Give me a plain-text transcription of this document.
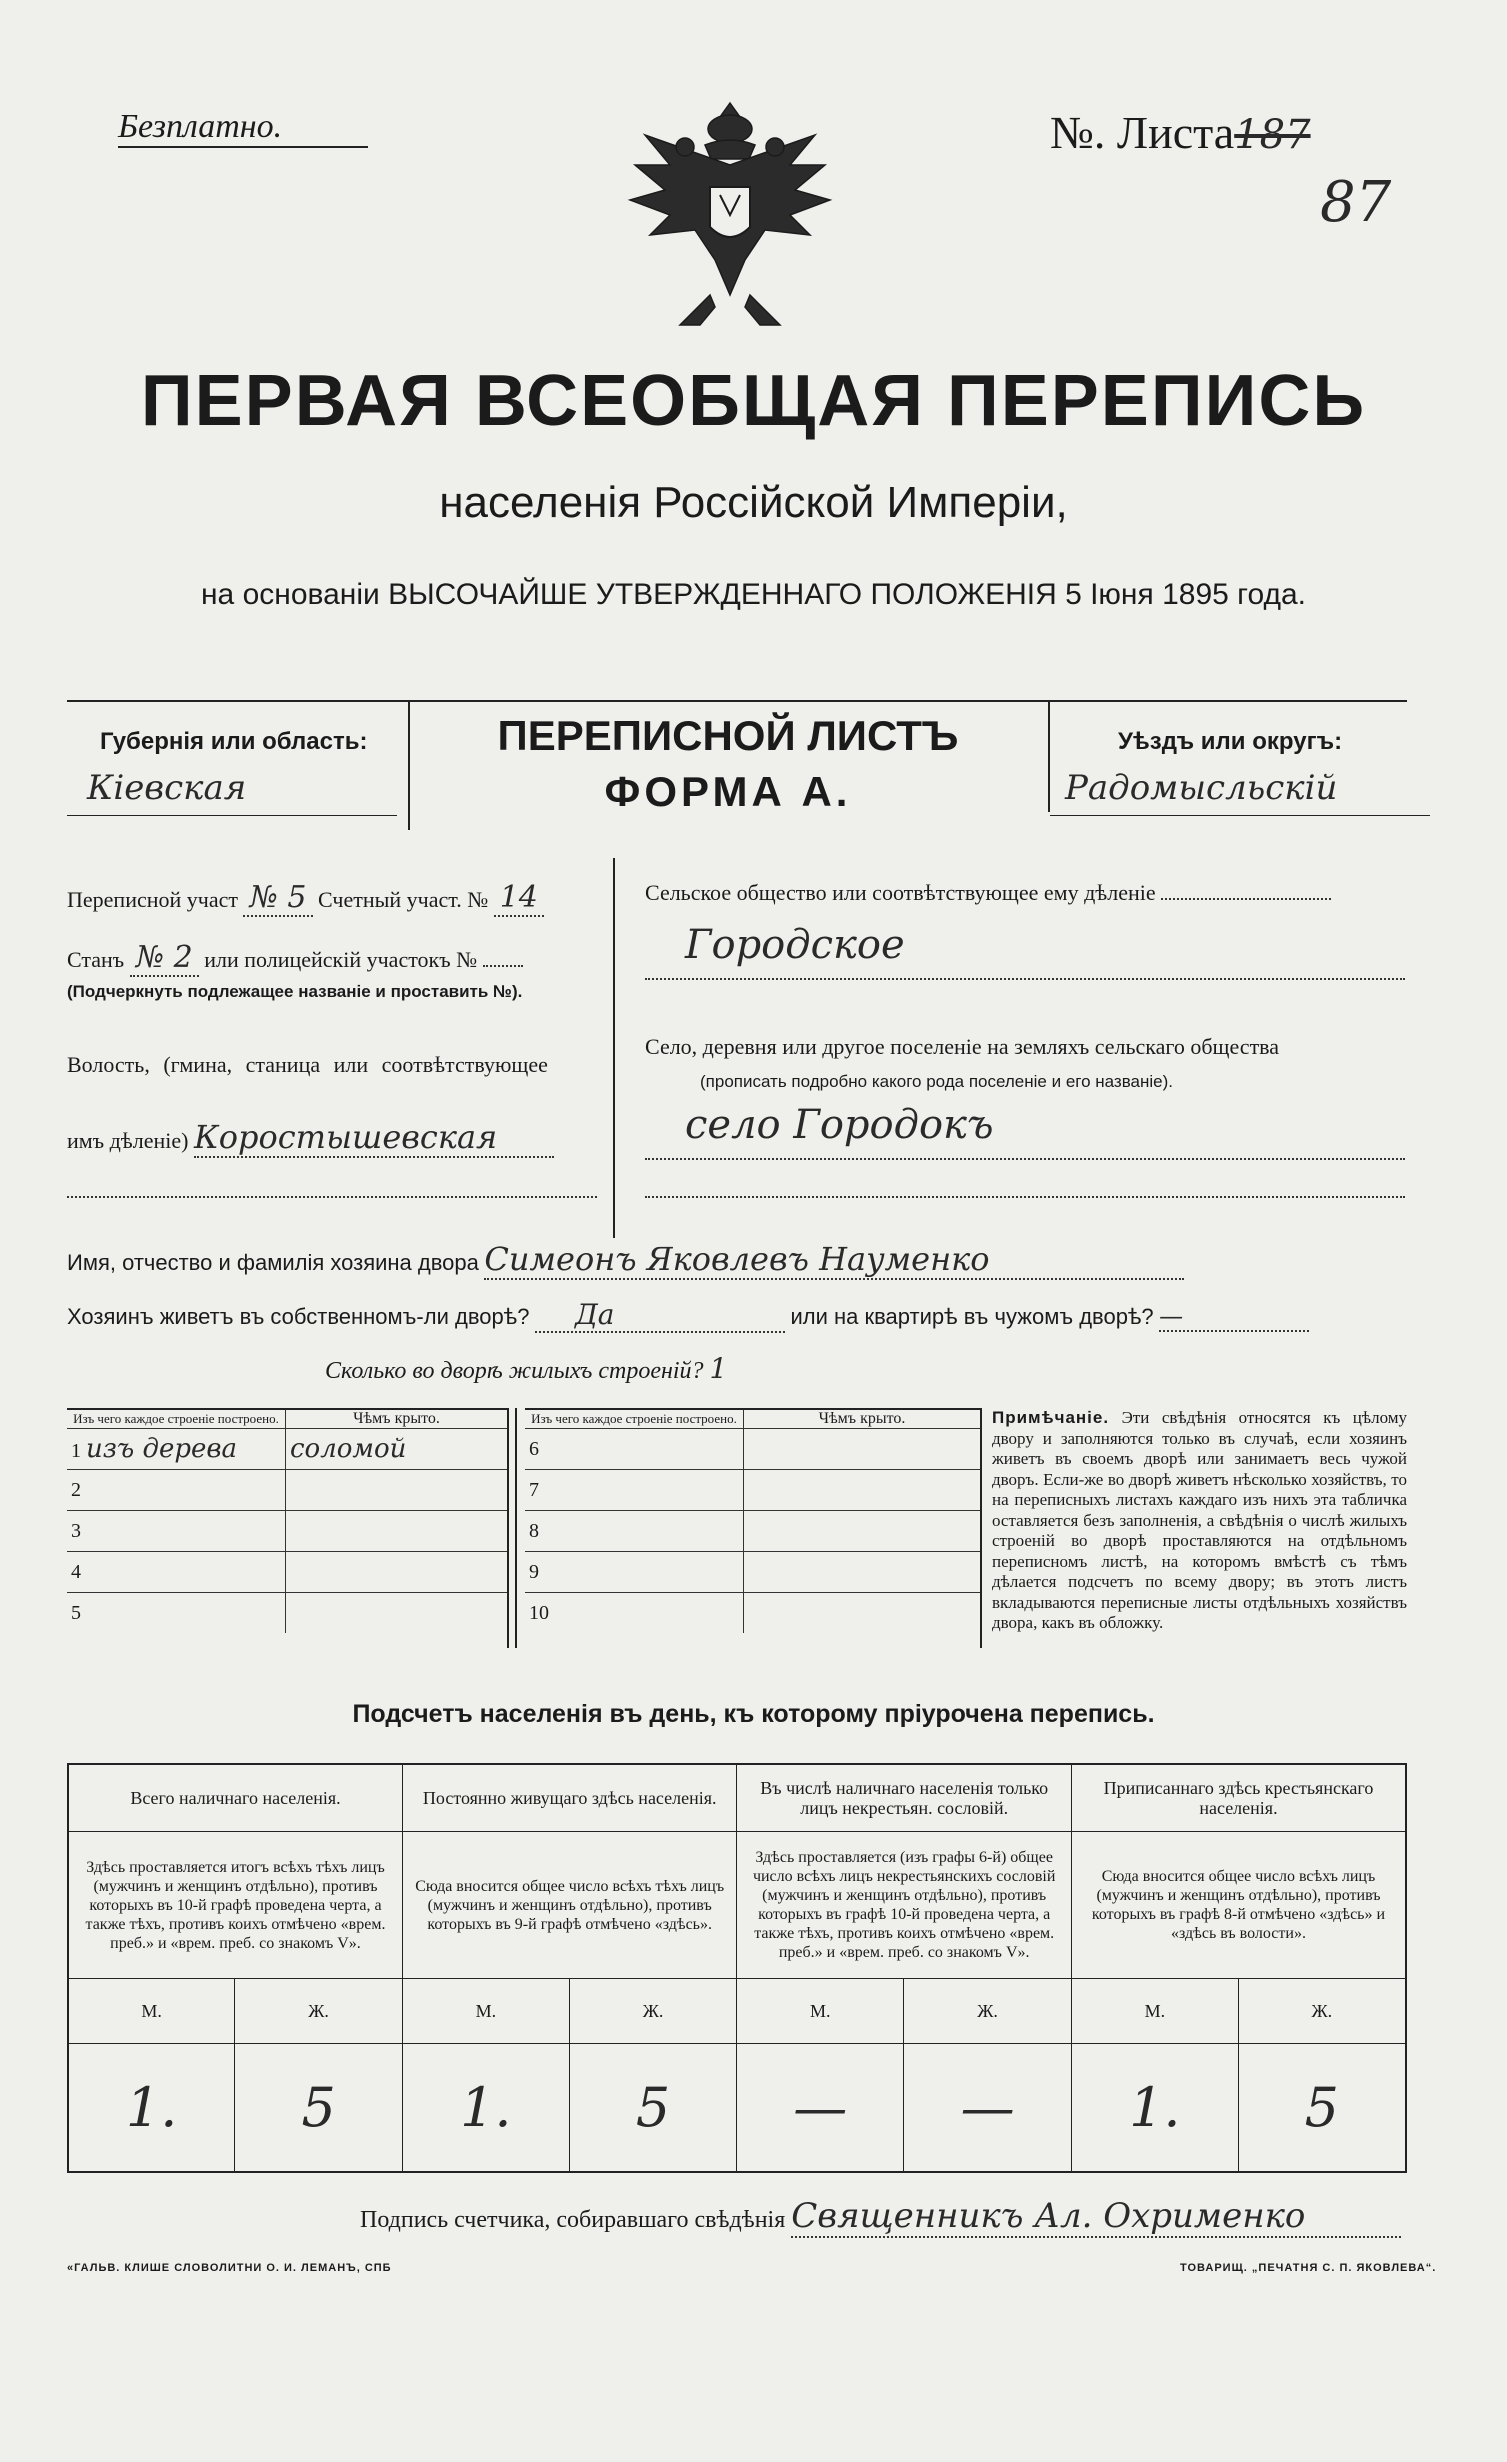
Безплатно.	№. Листа187
87
ПЕРВАЯ ВСЕОБЩАЯ ПЕРЕПИСЬ
населенія Россійской Имперіи,
на основаніи ВЫСОЧАЙШЕ УТВЕРЖДЕННАГО ПОЛОЖЕНІЯ 5 Іюня 1895 года.
Губернія или область:
Кіевская
ПЕРЕПИСНОЙ ЛИСТЪ
ФОРМА А.
Уѣздъ или округъ:
Радомысльскій
Переписной участ № 5 Счетный участ. № 14
Станъ № 2 или полицейскій участокъ №
(Подчеркнуть подлежащее названіе и проставить №).
Волость, (гмина, станица или соотвѣтствующее
имъ дѣленіе) Коростышевская
Сельское общество или соотвѣтствующее ему дѣленіе
Городское
Село, деревня или другое поселеніе на земляхъ сельскаго общества
(прописать подробно какого рода поселеніе и его названіе).
село Городокъ
Имя, отчество и фамилія хозяина двора Симеонъ Яковлевъ Науменко
Хозяинъ живетъ въ собственномъ-ли дворѣ? Да	или на квартирѣ въ чужомъ дворѣ? —
Сколько во дворѣ жилыхъ строеній? 1
Изъ чего каждое строеніе построено.	Чѣмъ крыто.
1 изъ дерева	соломой
2	
3	
4	
5	
Изъ чего каждое строеніе построено.	Чѣмъ крыто.
6	
7	
8	
9	
10	
Примѣчаніе. Эти свѣдѣнія относятся къ цѣлому двору и заполняются только въ случаѣ, если хозяинъ живетъ въ своемъ дворѣ или занимаетъ весь чужой дворъ. Если-же во дворѣ живетъ нѣсколько хозяйствъ, то на переписныхъ листахъ каждаго изъ нихъ эта табличка оставляется безъ заполненія, а свѣдѣнія о числѣ жилыхъ строеній во дворѣ проставляются на отдѣльномъ переписномъ листѣ, на которомъ вмѣстѣ съ тѣмъ дѣлается подсчетъ по всему двору; въ этотъ листъ вкладываются переписные листы отдѣльныхъ хозяйствъ двора, какъ въ обложку.
Подсчетъ населенія въ день, къ которому пріурочена перепись.
Всего наличнаго населенія.		Постоянно живущаго здѣсь населенія.		Въ числѣ наличнаго населенія только лицъ некрестьян. сословій.		Приписаннаго здѣсь крестьянскаго населенія.	
Здѣсь проставляется итогъ всѣхъ тѣхъ лицъ (мужчинъ и женщинъ отдѣльно), противъ которыхъ въ 10-й графѣ проведена черта, а также тѣхъ, противъ коихъ отмѣчено «врем. преб.» и «врем. преб. со знакомъ V».		Сюда вносится общее число всѣхъ тѣхъ лицъ (мужчинъ и женщинъ отдѣльно), противъ которыхъ въ 9-й графѣ отмѣчено «здѣсь».		Здѣсь проставляется (изъ графы 6-й) общее число всѣхъ лицъ некрестьянскихъ сословій (мужчинъ и женщинъ отдѣльно), противъ которыхъ въ графѣ 10-й проведена черта, а также тѣхъ, противъ коихъ отмѣчено «врем. преб.» и «врем. преб. со знакомъ V».		Сюда вносится общее число всѣхъ лицъ (мужчинъ и женщинъ отдѣльно), противъ которыхъ въ графѣ 8-й отмѣчено «здѣсь» и «здѣсь въ волости».	
М.	Ж.	М.	Ж.	М.	Ж.	М.	Ж.
1.	5	1.	5	—	—	1.	5
Подпись счетчика, собиравшаго свѣдѣнія Священникъ Ал. Охрименко
«ГАЛЬВ. КЛИШЕ СЛОВОЛИТНИ О. И. ЛЕМАНЪ, СПБ	ТОВАРИЩ. „ПЕЧАТНЯ С. П. ЯКОВЛЕВА“.
